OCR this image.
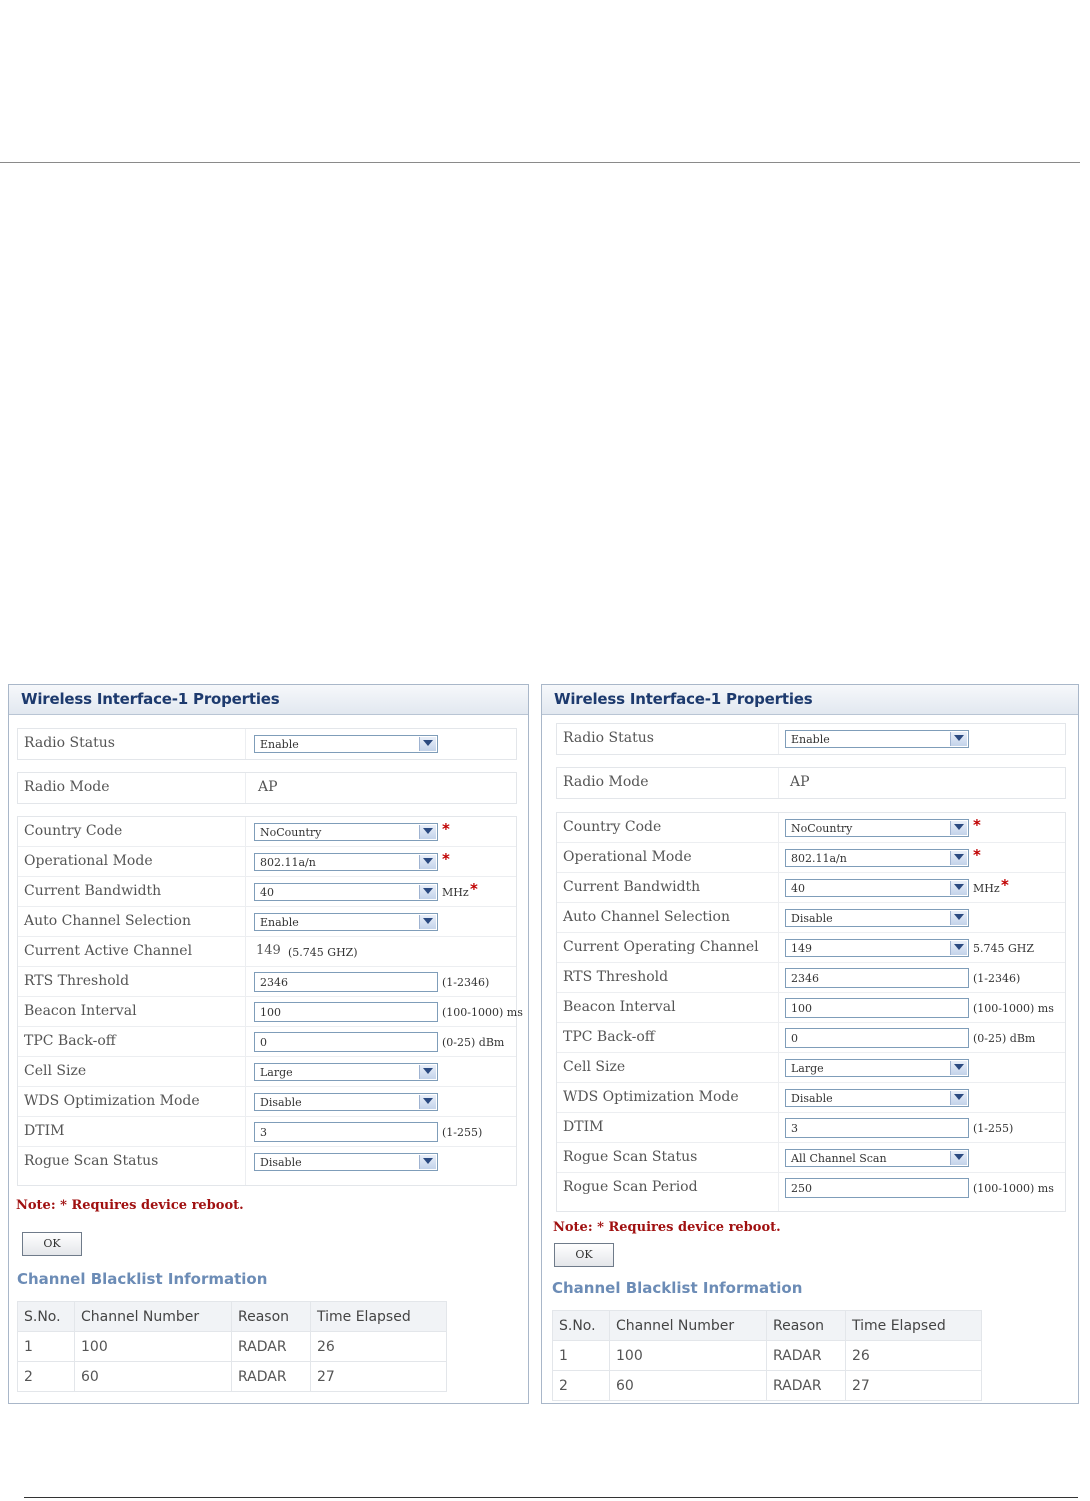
Wireless Interface-1 Properties
Radio Status	Enable
Radio Mode	AP
Country Code	NoCountry	*
Operational Mode	802.11a/n	*
Current Bandwidth	40	MHz *
Auto Channel Selection	Enable
Current Active Channel	149 (5.745 GHZ)
RTS Threshold	2346	(1-2346)
Beacon Interval	100	(100-1000) ms
TPC Back-off	0	(0-25) dBm
Cell Size	Large
WDS Optimization Mode	Disable
DTIM	3	(1-255)
Rogue Scan Status	Disable
Note: * Requires device reboot.
OK
Channel Blacklist Information
S.No.	Channel Number	Reason	Time Elapsed
1	100	RADAR	26
2	60	RADAR	27
Wireless Interface-1 Properties
Radio Status	Enable
Radio Mode	AP
Country Code	NoCountry	*
Operational Mode	802.11a/n	*
Current Bandwidth	40	MHz *
Auto Channel Selection	Disable
Current Operating Channel	149	5.745 GHZ
RTS Threshold	2346	(1-2346)
Beacon Interval	100	(100-1000) ms
TPC Back-off	0	(0-25) dBm
Cell Size	Large
WDS Optimization Mode	Disable
DTIM	3	(1-255)
Rogue Scan Status	All Channel Scan
Rogue Scan Period	250	(100-1000) ms
Note: * Requires device reboot.
OK
Channel Blacklist Information
S.No.	Channel Number	Reason	Time Elapsed
1	100	RADAR	26
2	60	RADAR	27
